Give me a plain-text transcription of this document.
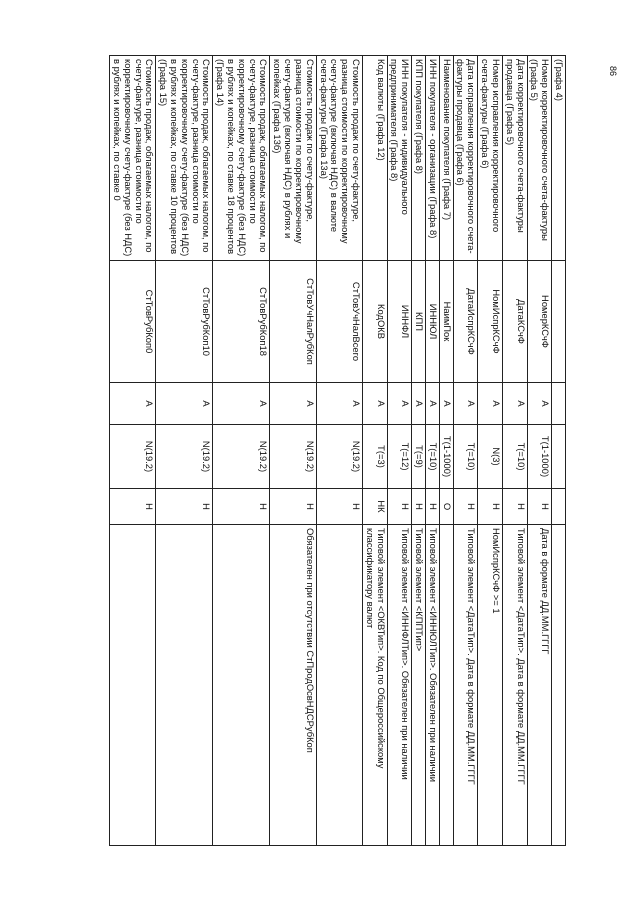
86
(Графа 4)					
Номер корректировочного счета-фактуры (Графа 5)	НомерКСчФ	А	T(1-1000)	Н	Дата в формате ДД.ММ.ГГГГ
Дата корректировочного счета-фактуры продавца (Графа 5)	ДатаКСчФ	А	T(=10)	Н	Типовой элемент <ДатаТип>. Дата в формате ДД.ММ.ГГГГ
Номер исправления корректировочного счета-фактуры (Графа 6)	НомИспрКСчФ	А	N(3)	Н	НомИспрКСчФ >= 1
Дата исправления корректировочного счета-фактуры продавца (Графа 6)	ДатаИспрКСчФ	А	T(=10)	Н	Типовой элемент <ДатаТип>. Дата в формате ДД.ММ.ГГГГ
Наименование покупателя (Графа 7)	НаимПок	А	T(1-1000)	О	
ИНН покупателя - организации (Графа 8)	ИННЮЛ	А	T(=10)	Н	Типовой элемент <ИННЮЛТип>. Обязателен при наличии
КПП покупателя (Графа 8)	КПП	А	T(=9)	Н	Типовой элемент <КППТип>
ИНН покупателя - индивидуального предпринимателя (Графа 8)	ИННФЛ	А	T(=12)	Н	Типовой элемент <ИННФЛТип>. Обязателен при наличии
Код валюты (Графа 12)	КодОКВ	А	T(=3)	НК	Типовой элемент <ОКВТип>. Код по Общероссийскому классификатору валют
Стоимость продаж по счету-фактуре, разница стоимости по корректировочному счету-фактуре (включая НДС) в валюте счета-фактуры (Графа 13а)	СтТовУчНалВсего	А	N(19.2)	Н	
Стоимость продаж по счету-фактуре, разница стоимости по корректировочному счету-фактуре (включая НДС) в рублях и копейках (Графа 13б)	СтТовУчНалРубКоп	А	N(19.2)	Н	Обязателен при отсутствии СтПродОсвНДСРубКоп
Стоимость продаж, облагаемых налогом, по счету-фактуре, разница стоимости по корректировочному счету-фактуре (без НДС) в рублях и копейках, по ставке 18 процентов (Графа 14)	СтТовРубКоп18	А	N(19.2)	Н	
Стоимость продаж, облагаемых налогом, по счету-фактуре, разница стоимости по корректировочному счету-фактуре (без НДС) в рублях и копейках, по ставке 10 процентов (Графа 15)	СтТовРубКоп10	А	N(19.2)	Н	
Стоимость продаж, облагаемых налогом, по счету-фактуре, разница стоимости по корректировочному счету-фактуре (без НДС) в рублях и копейках, по ставке 0	СтТовРубКоп0	А	N(19.2)	Н	
